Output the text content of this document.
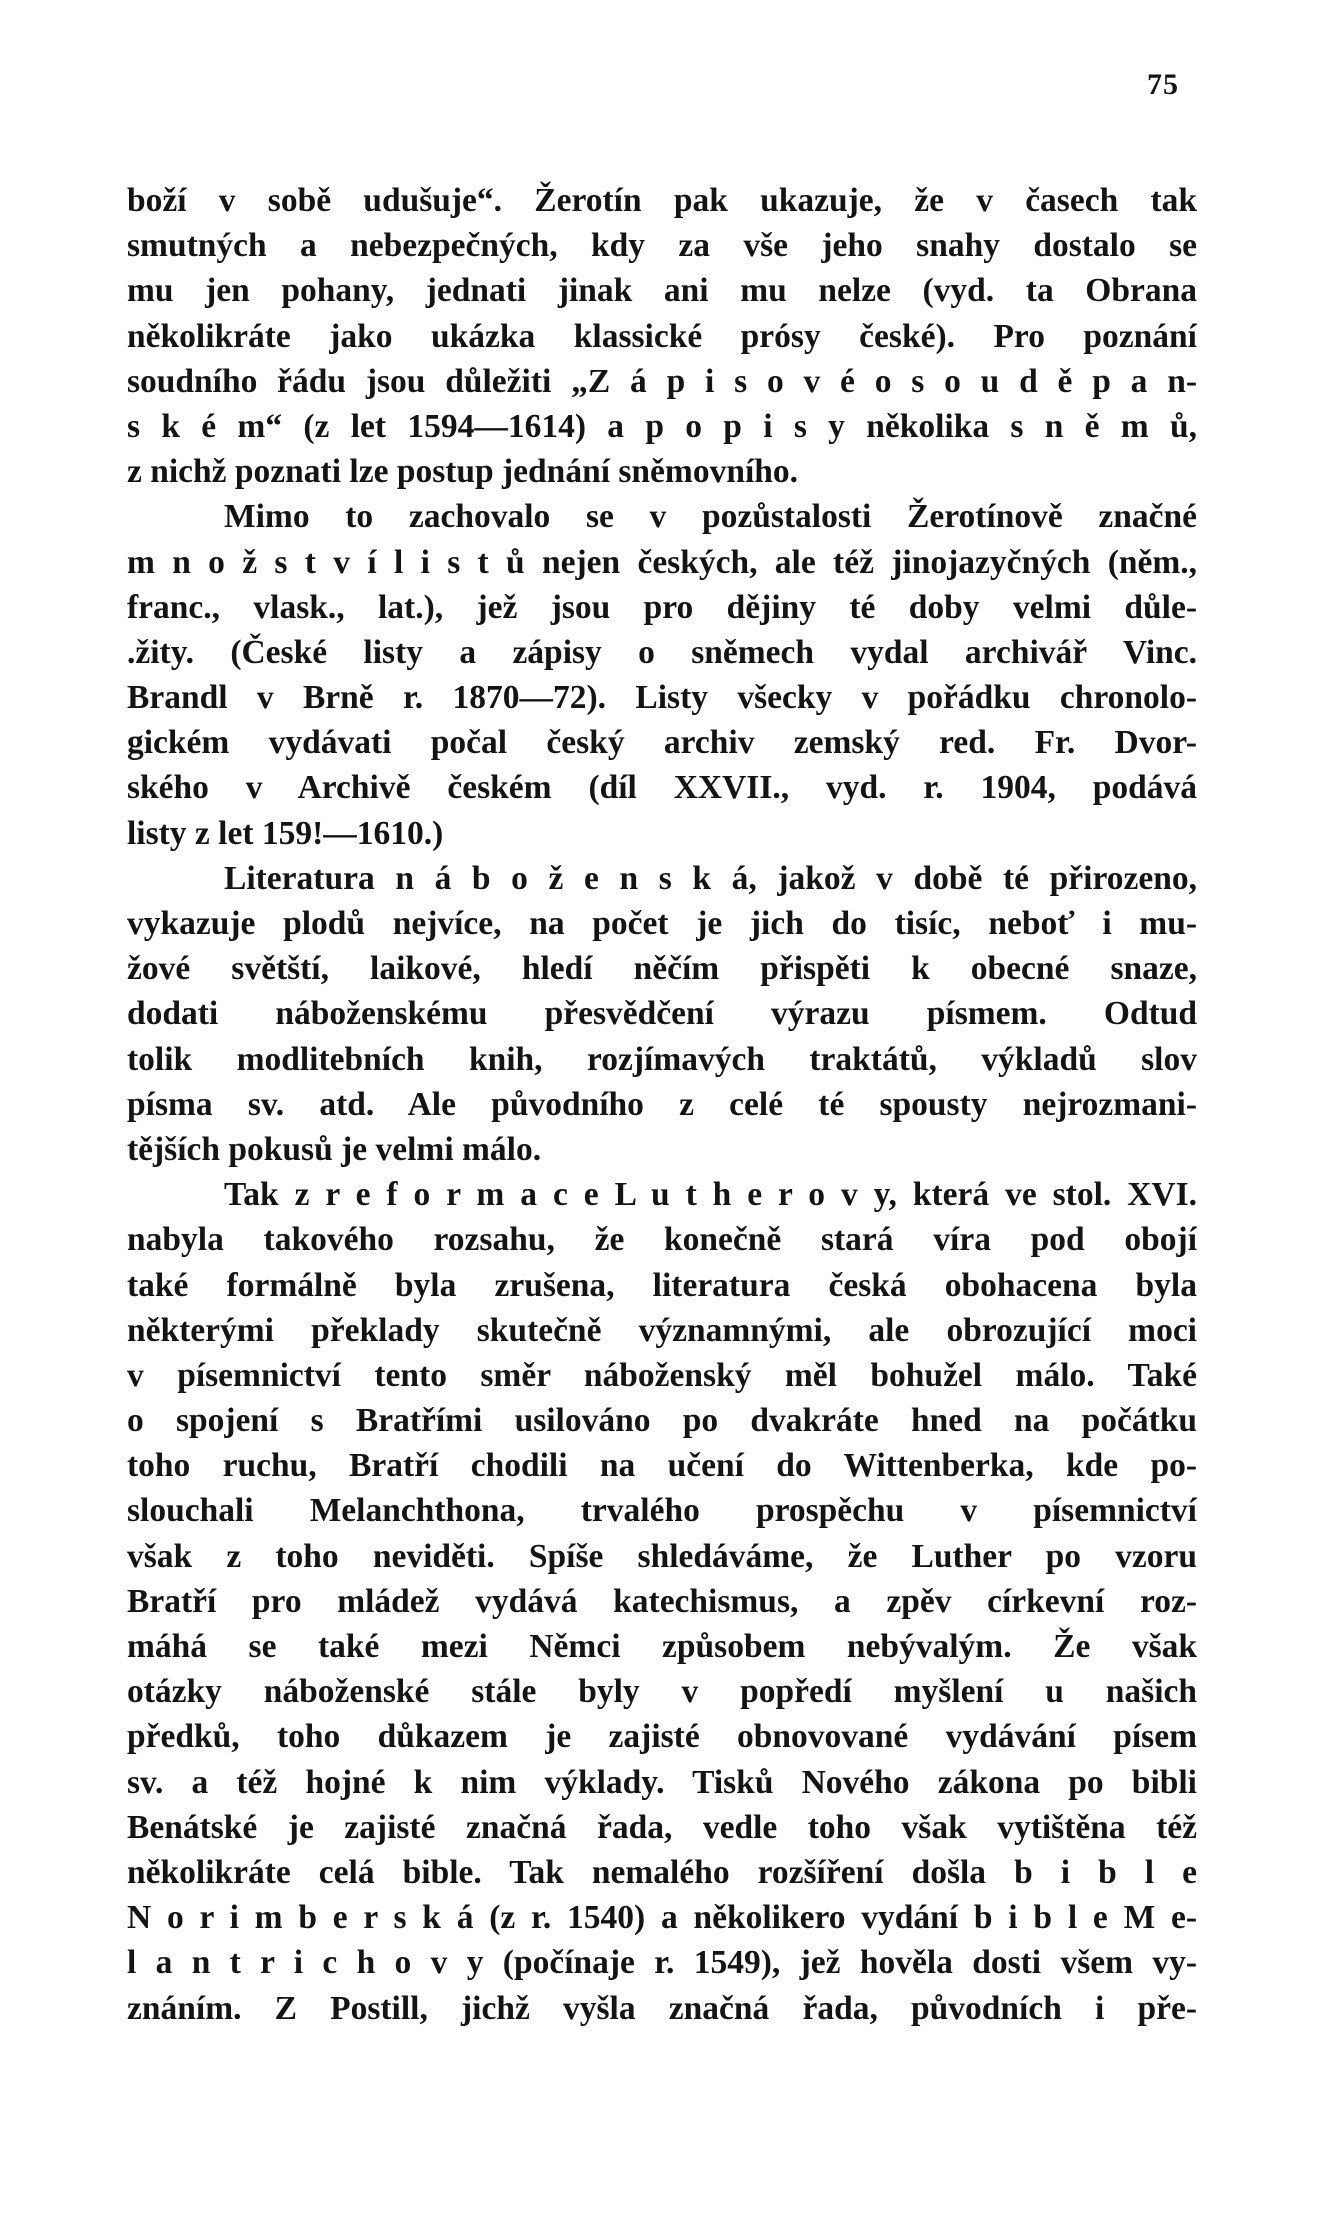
75
boží v sobě udušuje“. Žerotín pak ukazuje, že v časech tak
smutných a nebezpečných, kdy za vše jeho snahy dostalo se
mu jen pohany, jednati jinak ani mu nelze (vyd. ta Obrana
několikráte jako ukázka klassické prósy české). Pro poznání
soudního řádu jsou důležiti „Z á p i s o v é o s o u d ě p a n-
s k é m“ (z let 1594—1614) a p o p i s y několika s n ě m ů,
z nichž poznati lze postup jednání sněmovního.
Mimo to zachovalo se v pozůstalosti Žerotínově značné
m n o ž s t v í l i s t ů nejen českých, ale též jinojazyčných (něm.,
franc., vlask., lat.), jež jsou pro dějiny té doby velmi důle-
.žity. (České listy a zápisy o sněmech vydal archivář Vinc.
Brandl v Brně r. 1870—72). Listy všecky v pořádku chronolo-
gickém vydávati počal český archiv zemský red. Fr. Dvor-
ského v Archivě českém (díl XXVII., vyd. r. 1904, podává
listy z let 159!—1610.)
Literatura n á b o ž e n s k á, jakož v době té přirozeno,
vykazuje plodů nejvíce, na počet je jich do tisíc, neboť i mu-
žové světští, laikové, hledí něčím přispěti k obecné snaze,
dodati náboženskému přesvědčení výrazu písmem. Odtud
tolik modlitebních knih, rozjímavých traktátů, výkladů slov
písma sv. atd. Ale původního z celé té spousty nejrozmani-
tějších pokusů je velmi málo.
Tak z r e f o r m a c e L u t h e r o v y, která ve stol. XVI.
nabyla takového rozsahu, že konečně stará víra pod obojí
také formálně byla zrušena, literatura česká obohacena byla
některými překlady skutečně významnými, ale obrozující moci
v písemnictví tento směr náboženský měl bohužel málo. Také
o spojení s Bratřími usilováno po dvakráte hned na počátku
toho ruchu, Bratří chodili na učení do Wittenberka, kde po-
slouchali Melanchthona, trvalého prospěchu v písemnictví
však z toho neviděti. Spíše shledáváme, že Luther po vzoru
Bratří pro mládež vydává katechismus, a zpěv církevní roz-
máhá se také mezi Němci způsobem nebývalým. Že však
otázky náboženské stále byly v popředí myšlení u našich
předků, toho důkazem je zajisté obnovované vydávání písem
sv. a též hojné k nim výklady. Tisků Nového zákona po bibli
Benátské je zajisté značná řada, vedle toho však vytištěna též
několikráte celá bible. Tak nemalého rozšíření došla b i b l e
N o r i m b e r s k á (z r. 1540) a několikero vydání b i b l e M e-
l a n t r i c h o v y (počínaje r. 1549), jež hověla dosti všem vy-
znáním. Z Postill, jichž vyšla značná řada, původních i pře-
